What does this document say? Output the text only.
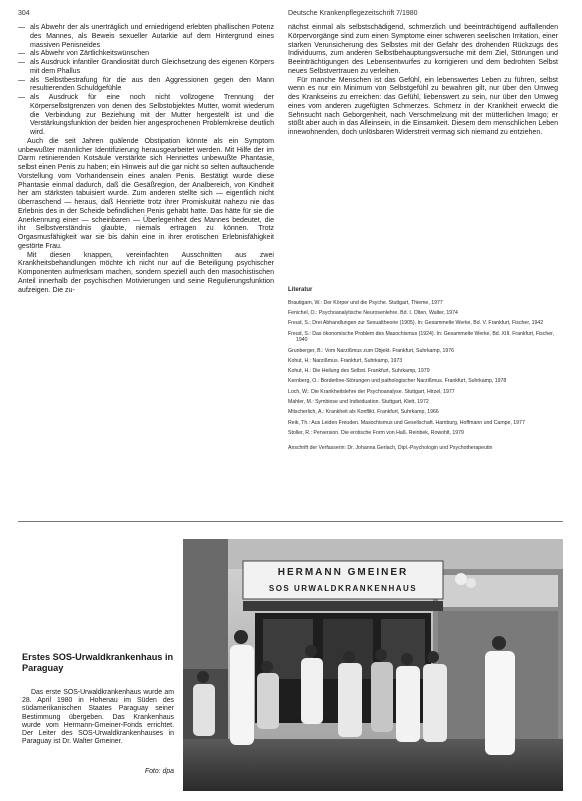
304	Deutsche Krankenpflegezeitschrift 7/1980
— als Abwehr der als unerträglich und erniedrigend erlebten phallischen Potenz des Mannes, als Beweis sexueller Autarkie auf dem Hintergrund eines massiven Penisneides
— als Abwehr von Zärtlichkeitswünschen
— als Ausdruck infantiler Grandiosität durch Gleichsetzung des eigenen Körpers mit dem Phallus
— als Selbstbestrafung für die aus den Aggressionen gegen den Mann resultierenden Schuldgefühle
— als Ausdruck für eine noch nicht vollzogene Trennung der Körperselbstgrenzen von denen des Selbstobjektes Mutter, womit wiederum die Verbindung zur Beziehung mit der Mutter hergestellt ist und die Verstärkungsfunktion der beiden hier angesprochenen Problemkreise deutlich wird.

Auch die seit Jahren quälende Obstipation könnte als ein Symptom unbewußter männlicher Identifizierung herausgearbeitet werden. Mit Hilfe der im Darm retinierenden Kotsäule verstärkte sich Henriettes unbewußte Phantasie, selbst einen Penis zu haben; ein Hinweis auf die gar nicht so selten auftauchende Vorstellung vom Vorhandensein eines analen Penis. Bestätigt wurde diese Phantasie einmal dadurch, daß die Gesäßregion, der Analbereich, von Kindheit her am stärksten tabuisiert wurde. Zum anderen stellte sich — eigentlich nicht überraschend — heraus, daß Henriette trotz ihrer Promiskuität nahezu nie das Erlebnis des in der Scheide befindlichen Penis gehabt hatte. Das hätte für sie die Anerkennung einer — scheinbaren — Überlegenheit des Mannes bedeutet, die ihr Selbstverständnis glaubte, niemals ertragen zu können. Trotz Orgasmusfähigkeit war sie bis dahin eine in ihrer erotischen Erlebnisfähigkeit gestörte Frau.

Mit diesen knappen, vereinfachten Ausschnitten aus zwei Krankheitsbehandlungen möchte ich nicht nur auf die Beteiligung psychischer Komponenten aufmerksam machen, sondern speziell auch den masochistischen Anteil innerhalb der psychischen Motivierungen und seine Regulierungsfunktion aufzeigen. Die zu-

nächst einmal als selbstschädigend, schmerzlich und beeinträchtigend auffallenden Körpervorgänge sind zum einen Symptome einer schweren seelischen Irritation, einer starken Verunsicherung des Selbstes mit der Gefahr des drohenden Rückzugs des Individuums, zum anderen Selbstbehauptungsversuche mit dem Ziel, Störungen und Beeinträchtigungen des Lebensentwurfes zu korrigieren und dem bedrohten Selbst neues Selbstvertrauen zu verleihen.

Für manche Menschen ist das Gefühl, ein lebenswertes Leben zu führen, selbst wenn es nur ein Minimum von Selbstgefühl zu bewahren gilt, nur über den Umweg des Krankseins zu erreichen: das Gefühl, liebenswert zu sein, nur über den Umweg eines vom anderen zugefügten Schmerzes. Schmerz in der Krankheit erweckt die Sehnsucht nach Geborgenheit, nach Verschmelzung mit der mütterlichen Imago; er stößt aber auch in das Alleinsein, in die Einsamkeit. Diesem dem menschlichen Leben innewohnenden, doch unlösbaren Widerstreit vermag sich niemand zu entziehen.

Literatur
Brautigam, W.: Der Körper und die Psyche. Stuttgart, Thieme, 1977
Fenichel, O.: Psychoanalytische Neurosenlehre. Bd. I. Olten, Walter, 1974
Freud, S.: Drei Abhandlungen zur Sexualtheorie (1905). In: Gesammelte Werke, Bd. V. Frankfurt, Fischer, 1942
Freud, S.: Das ökonomische Problem des Masochismus (1924). In: Gesammelte Werke, Bd. XIII. Frankfurt, Fischer, 1940
Grunberger, B.: Vom Narzißmus zum Objekt. Frankfurt, Suhrkamp, 1976
Kohut, H.: Narzißmus. Frankfurt, Suhrkamp, 1973
Kohut, H.: Die Heilung des Selbst. Frankfurt, Suhrkamp, 1979
Kernberg, O.: Borderline-Störungen und pathologischer Narzißmus. Frankfurt, Suhrkamp, 1978
Loch, W.: Die Krankheitslehre der Psychoanalyse. Stuttgart, Hirzel, 1977
Mahler, M.: Symbiose und Individuation. Stuttgart, Klett, 1972
Mitscherlich, A.: Krankheit als Konflikt. Frankfurt, Suhrkamp, 1966
Reik, Th.: Aus Leiden Freuden. Masochismus und Gesellschaft. Hamburg, Hoffmann und Campe, 1977
Stoller, R.: Perversion. Die erotische Form von Haß. Reinbek, Rowohlt, 1979
Anschrift der Verfasserin: Dr. Johanna Gerlach, Dipl.-Psychologin und Psychotherapeutin
HERMANN GMEINER
SOS URWALDKRANKENHAUS
Erstes SOS-Urwaldkrankenhaus in Paraguay

Das erste SOS-Urwaldkrankenhaus wurde am 28. April 1980 in Hohenau im Süden des südamerikanischen Staates Paraguay seiner Bestimmung übergeben. Das Krankenhaus wurde vom Hermann-Gmeiner-Fonds errichtet. Der Leiter des SOS-Urwaldkrankenhauses in Paraguay ist Dr. Walter Gmeiner.

Foto: dpa
